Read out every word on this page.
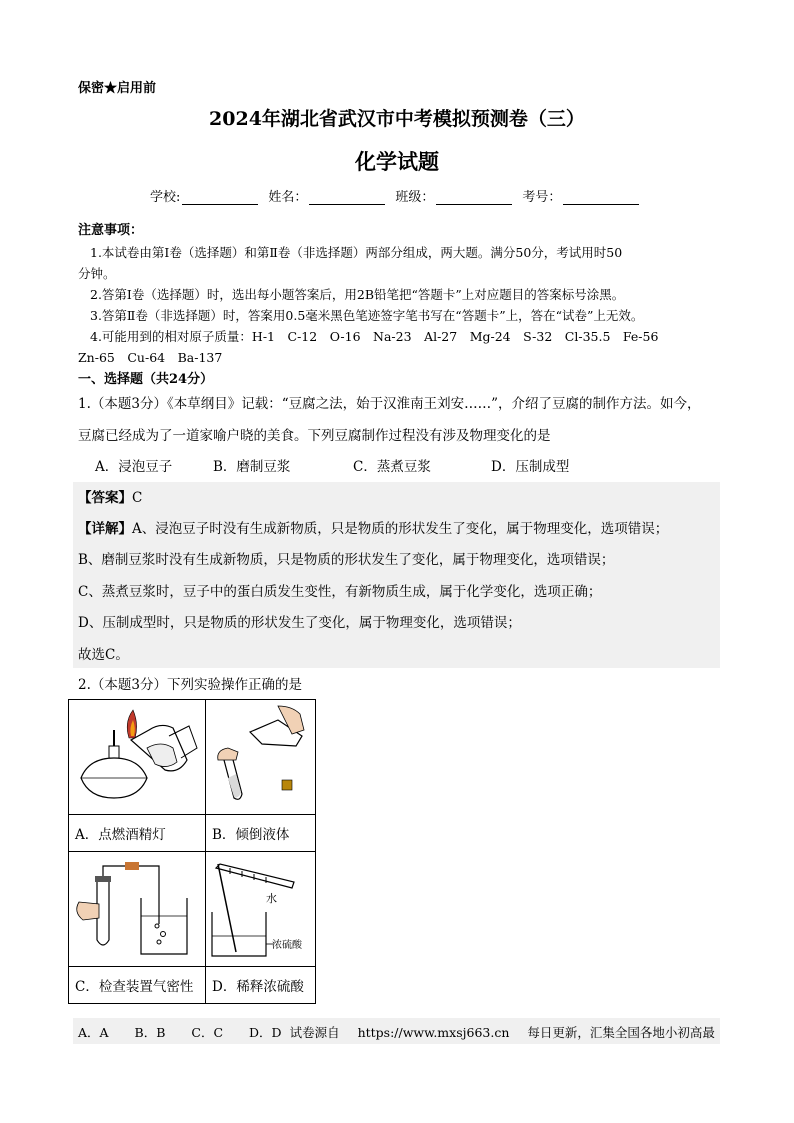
保密★启用前
2024年湖北省武汉市中考模拟预测卷（三）
化学试题
学校:	姓名：	班级：	考号：
注意事项：
1.本试卷由第Ⅰ卷（选择题）和第Ⅱ卷（非选择题）两部分组成，两大题。满分50分，考试用时50
分钟。
2.答第Ⅰ卷（选择题）时，选出每小题答案后，用2B铅笔把“答题卡”上对应题目的答案标号涂黑。
3.答第Ⅱ卷（非选择题）时，答案用0.5毫米黑色笔迹签字笔书写在“答题卡”上，答在“试卷”上无效。
4.可能用到的相对原子质量：H-1　C-12　O-16　Na-23　Al-27　Mg-24　S-32　Cl-35.5　Fe-56
Zn-65　Cu-64　Ba-137
一、选择题（共24分）
1.（本题3分）《本草纲目》记载：“豆腐之法，始于汉淮南王刘安……”，介绍了豆腐的制作方法。如今，
豆腐已经成为了一道家喻户晓的美食。下列豆腐制作过程没有涉及物理变化的是
A．浸泡豆子	B．磨制豆浆	C．蒸煮豆浆	D．压制成型
【答案】C
【详解】A、浸泡豆子时没有生成新物质，只是物质的形状发生了变化，属于物理变化，选项错误；
B、磨制豆浆时没有生成新物质，只是物质的形状发生了变化，属于物理变化，选项错误；
C、蒸煮豆浆时，豆子中的蛋白质发生变性，有新物质生成，属于化学变化，选项正确；
D、压制成型时，只是物质的形状发生了变化，属于物理变化，选项错误；
故选C。
2.（本题3分）下列实验操作正确的是

A．点燃酒精灯	B．倾倒液体

水
浓硫酸

C．检查装置气密性	D．稀释浓硫酸
A．A B．B C．C D．D 试卷源自 https://www.mxsj663.cn 每日更新，汇集全国各地小初高最
